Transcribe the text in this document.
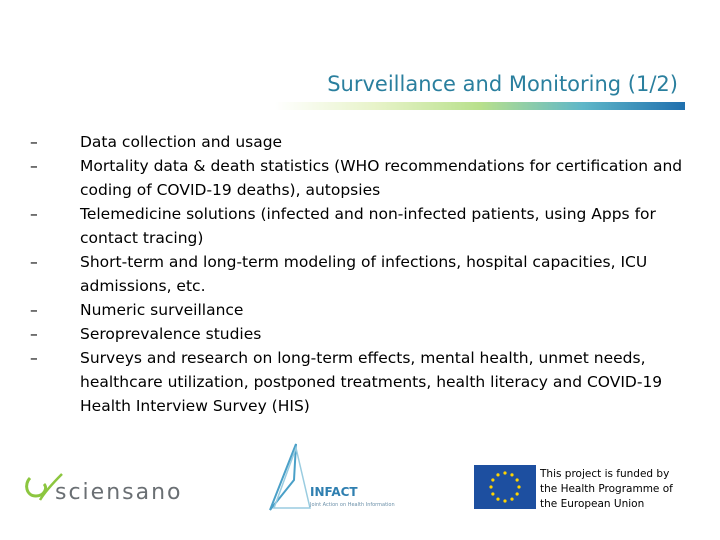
Surveillance and Monitoring (1/2)
–	Data collection and usage
–	Mortality data & death statistics (WHO recommendations for certification and coding of COVID-19 deaths), autopsies
–	Telemedicine solutions (infected and non-infected patients, using Apps for contact tracing)
–	Short-term and long-term modeling of infections, hospital capacities, ICU admissions, etc.
–	Numeric surveillance
–	Seroprevalence studies
–	Surveys and research on long-term effects, mental health, unmet needs, healthcare utilization, postponed treatments, health literacy and COVID-19 Health Interview Survey (HIS)
sciensano	INFACT
Joint Action on Health Information
This project is funded by
the Health Programme of
the European Union
